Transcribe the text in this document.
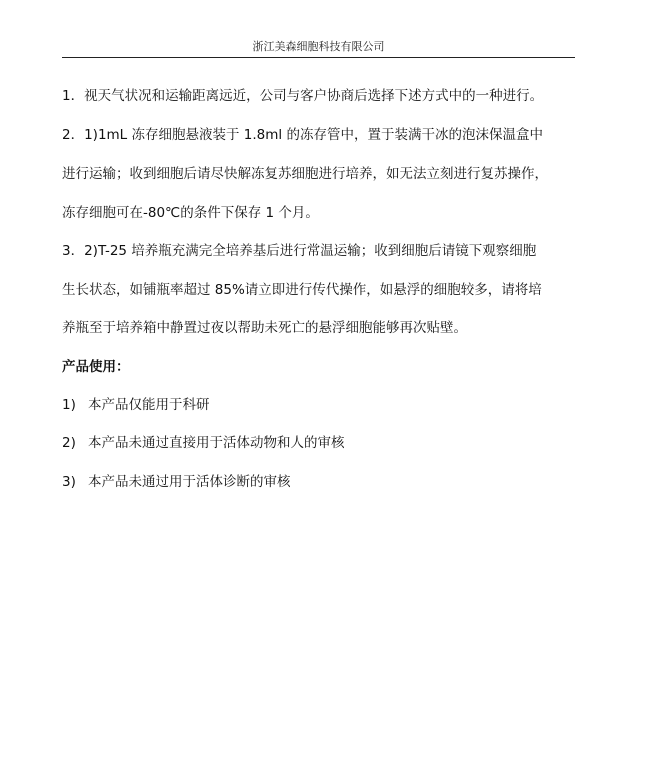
浙江美森细胞科技有限公司
1．视天气状况和运输距离远近，公司与客户协商后选择下述方式中的一种进行。
2．1)1mL 冻存细胞悬液装于 1.8ml 的冻存管中，置于装满干冰的泡沫保温盒中
进行运输；收到细胞后请尽快解冻复苏细胞进行培养，如无法立刻进行复苏操作，
冻存细胞可在-80℃的条件下保存 1 个月。
3．2)T-25 培养瓶充满完全培养基后进行常温运输；收到细胞后请镜下观察细胞
生长状态，如铺瓶率超过 85%请立即进行传代操作，如悬浮的细胞较多，请将培
养瓶至于培养箱中静置过夜以帮助未死亡的悬浮细胞能够再次贴壁。
产品使用：
1) 本产品仅能用于科研
2) 本产品未通过直接用于活体动物和人的审核
3) 本产品未通过用于活体诊断的审核
